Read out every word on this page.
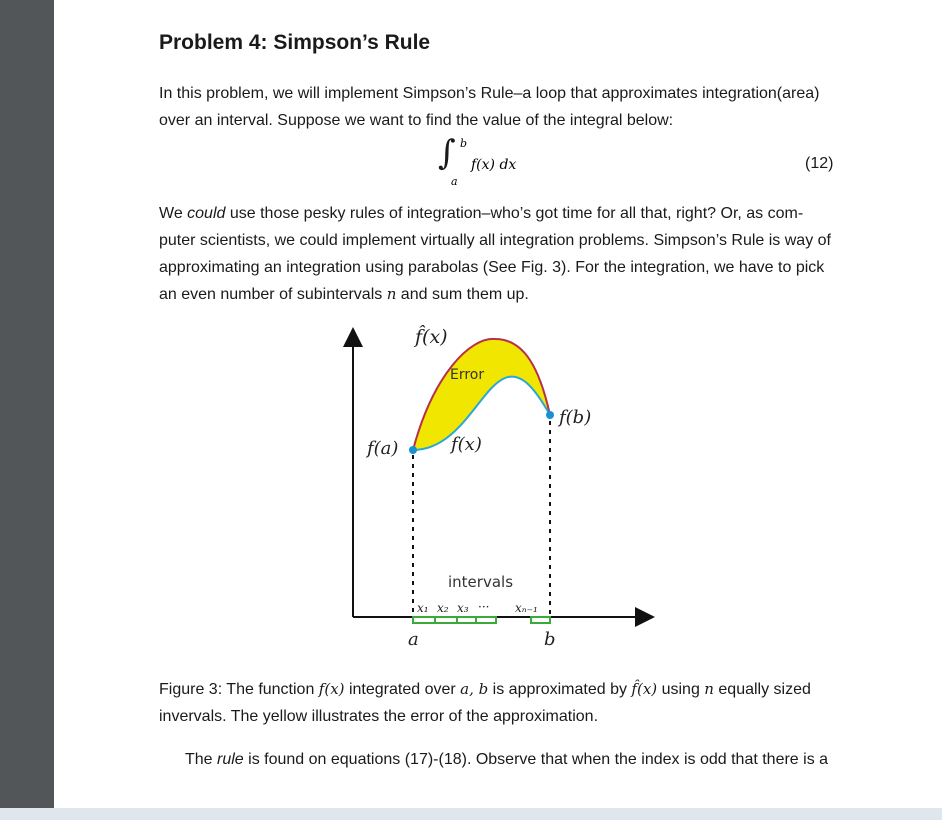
Problem 4: Simpson’s Rule

In this problem, we will implement Simpson’s Rule–a loop that approximates integration(area)
over an interval. Suppose we want to find the value of the integral below:

∫ b
a
f(x) dx	(12)

We could use those pesky rules of integration–who’s got time for all that, right? Or, as com-
puter scientists, we could implement virtually all integration problems. Simpson’s Rule is way of
approximating an integration using parabolas (See Fig. 3). For the integration, we have to pick
an even number of subintervals n and sum them up.

f̂(x)
Error
f(b)
f(a)	f(x)
intervals
x₁ x₂ x₃ ··· xₙ₋₁
a	b

Figure 3: The function f(x) integrated over a, b is approximated by f̂(x) using n equally sized
invervals. The yellow illustrates the error of the approximation.

The rule is found on equations (17)-(18). Observe that when the index is odd that there is a
